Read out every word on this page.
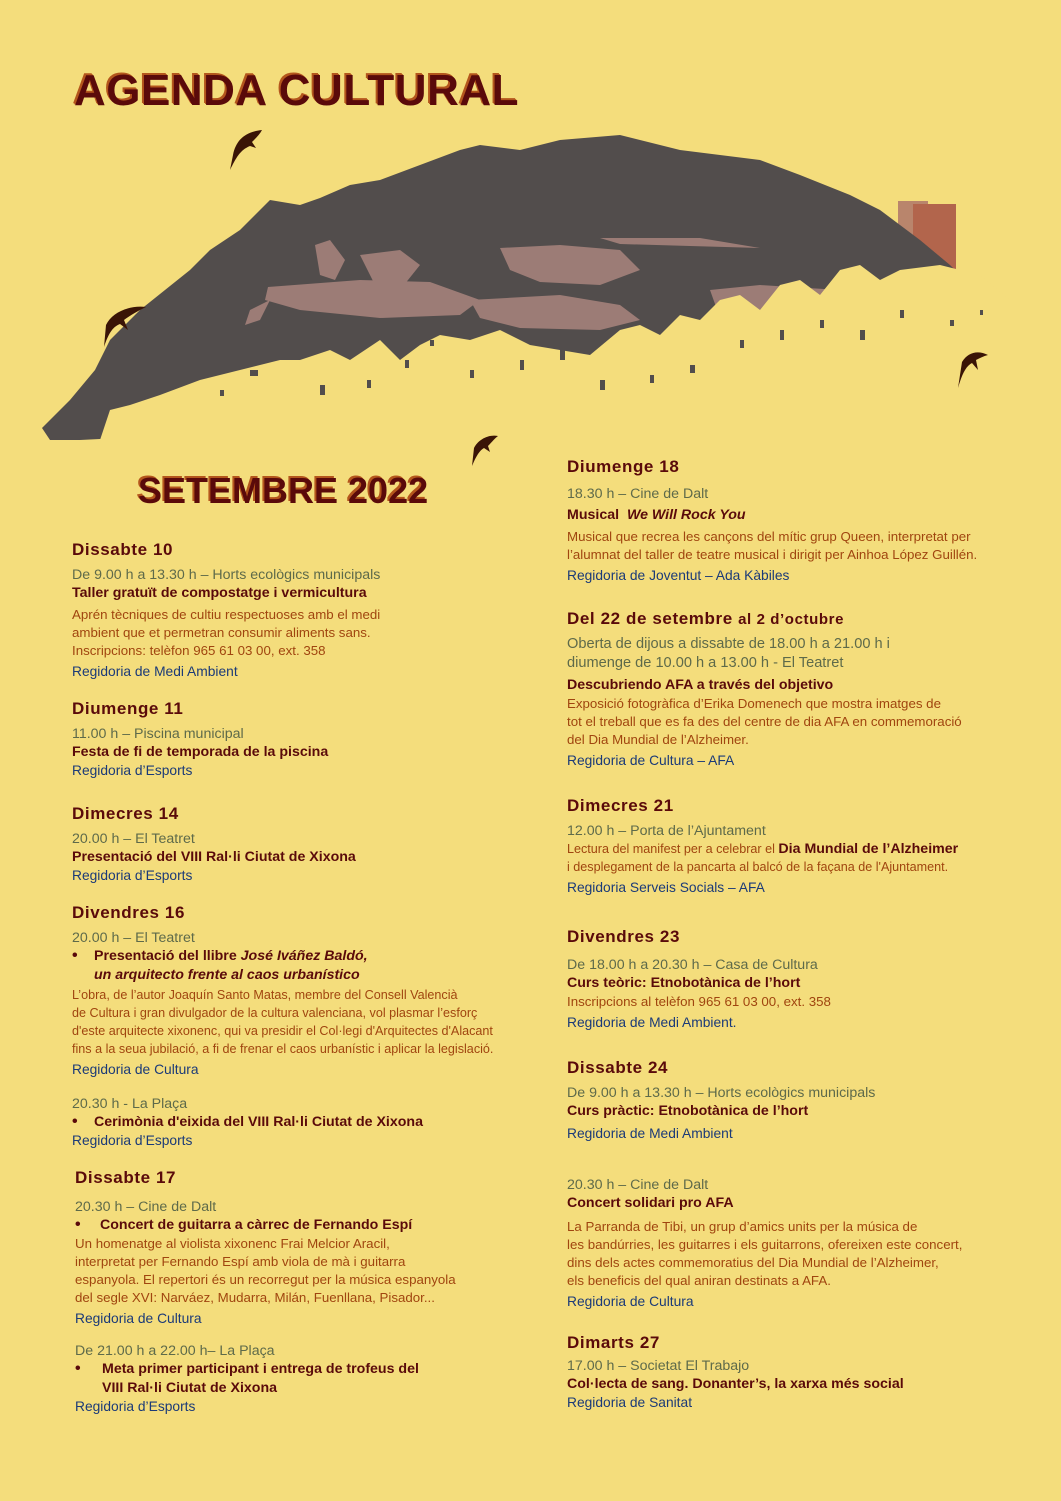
AGENDA CULTURAL
SETEMBRE 2022
Dissabte 10
De 9.00 h a 13.30 h – Horts ecològics municipals
Taller gratuït de compostatge i vermicultura
Aprén tècniques de cultiu respectuoses amb el medi
ambient que et permetran consumir aliments sans.
Inscripcions: telèfon 965 61 03 00, ext. 358
Regidoria de Medi Ambient
Diumenge 11
11.00 h – Piscina municipal
Festa de fi de temporada de la piscina
Regidoria d’Esports
Dimecres 14
20.00 h – El Teatret
Presentació del VIII Ral·li Ciutat de Xixona
Regidoria d’Esports
Divendres 16
20.00 h – El Teatret
•	Presentació del llibre José Iváñez Baldó,
un arquitecto frente al caos urbanístico
L’obra, de l’autor Joaquín Santo Matas, membre del Consell Valencià
de Cultura i gran divulgador de la cultura valenciana, vol plasmar l’esforç
d'este arquitecte xixonenc, qui va presidir el Col·legi d'Arquitectes d'Alacant
fins a la seua jubilació, a fi de frenar el caos urbanístic i aplicar la legislació.
Regidoria de Cultura
20.30 h - La Plaça
•	Cerimònia d'eixida del VIII Ral·li Ciutat de Xixona
Regidoria d’Esports
Dissabte 17
20.30 h – Cine de Dalt
•	Concert de guitarra a càrrec de Fernando Espí
Un homenatge al violista xixonenc Frai Melcior Aracil,
interpretat per Fernando Espí amb viola de mà i guitarra
espanyola. El repertori és un recorregut per la música espanyola
del segle XVI: Narváez, Mudarra, Milán, Fuenllana, Pisador...
Regidoria de Cultura
De 21.00 h a 22.00 h– La Plaça
•	Meta primer participant i entrega de trofeus del
VIII Ral·li Ciutat de Xixona
Regidoria d’Esports
Diumenge 18
18.30 h – Cine de Dalt
Musical  We Will Rock You
Musical que recrea les cançons del mític grup Queen, interpretat per
l’alumnat del taller de teatre musical i dirigit per Ainhoa López Guillén.
Regidoria de Joventut – Ada Kàbiles
Del 22 de setembre al 2 d’octubre
Oberta de dijous a dissabte de 18.00 h a 21.00 h i
diumenge de 10.00 h a 13.00 h - El Teatret
Descubriendo AFA a través del objetivo
Exposició fotogràfica d’Erika Domenech que mostra imatges de
tot el treball que es fa des del centre de dia AFA en commemoració
del Dia Mundial de l’Alzheimer.
Regidoria de Cultura – AFA
Dimecres 21
12.00 h – Porta de l’Ajuntament
Lectura del manifest per a celebrar el Dia Mundial de l’Alzheimer
i desplegament de la pancarta al balcó de la façana de l'Ajuntament.
Regidoria Serveis Socials – AFA
Divendres 23
De 18.00 h a 20.30 h – Casa de Cultura
Curs teòric: Etnobotànica de l’hort
Inscripcions al telèfon 965 61 03 00, ext. 358
Regidoria de Medi Ambient.
Dissabte 24
De 9.00 h a 13.30 h – Horts ecològics municipals
Curs pràctic: Etnobotànica de l’hort
Regidoria de Medi Ambient
20.30 h – Cine de Dalt
Concert solidari pro AFA
La Parranda de Tibi, un grup d’amics units per la música de
les bandúrries, les guitarres i els guitarrons, ofereixen este concert,
dins dels actes commemoratius del Dia Mundial de l’Alzheimer,
els beneficis del qual aniran destinats a AFA.
Regidoria de Cultura
Dimarts 27
17.00 h – Societat El Trabajo
Col·lecta de sang. Donanter’s, la xarxa més social
Regidoria de Sanitat
